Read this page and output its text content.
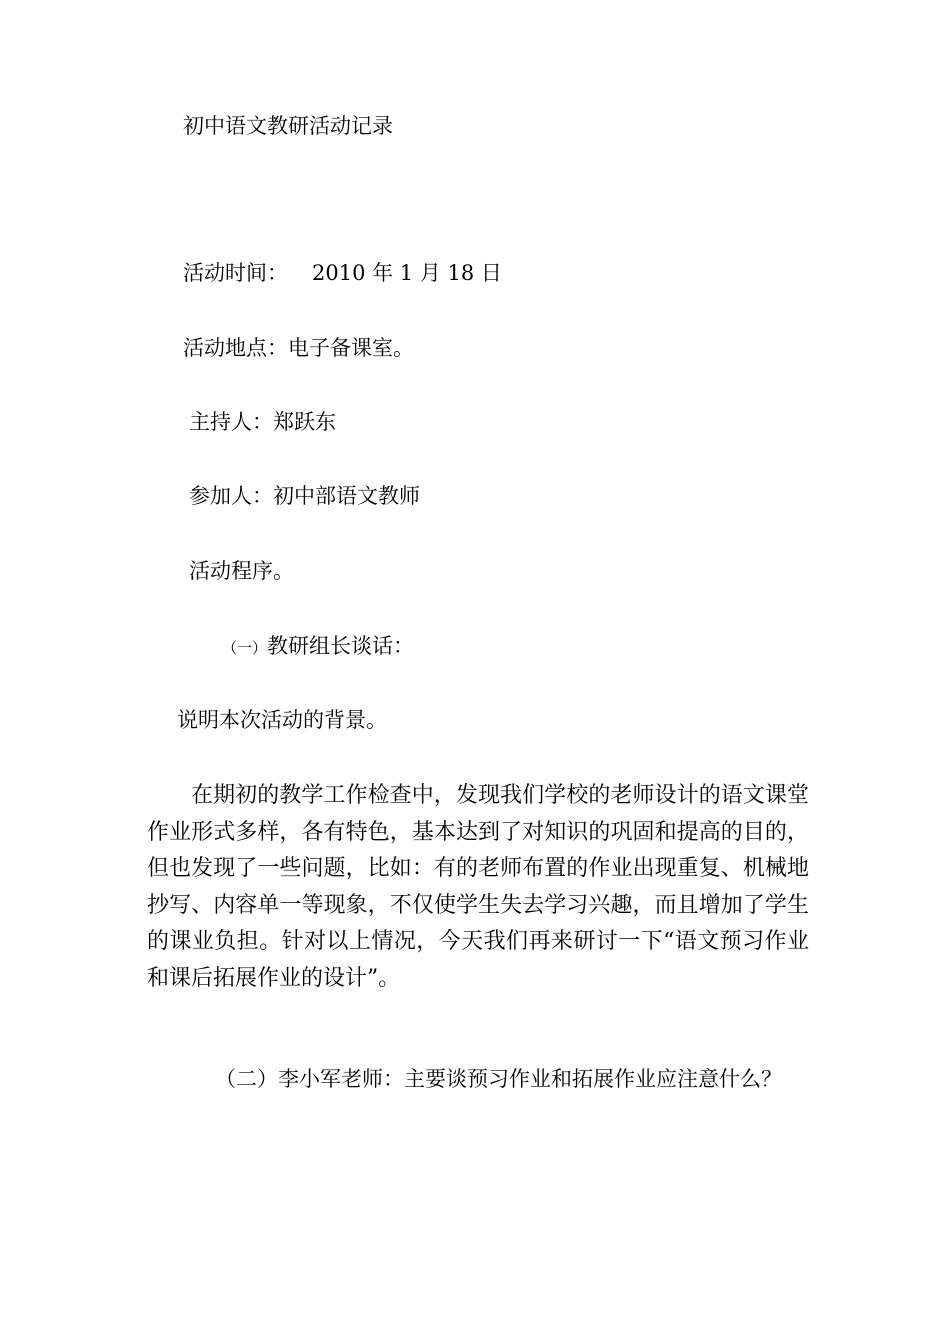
初中语文教研活动记录
活动时间： 2010 年 1 月 18 日
活动地点：电子备课室。
主持人：郑跃东
参加人：初中部语文教师
活动程序。
（一）教研组长谈话：
说明本次活动的背景。
在期初的教学工作检查中，发现我们学校的老师设计的语文课堂作业形式多样，各有特色，基本达到了对知识的巩固和提高的目的，但也发现了一些问题，比如：有的老师布置的作业出现重复、机械地抄写、内容单一等现象，不仅使学生失去学习兴趣，而且增加了学生的课业负担。针对以上情况，今天我们再来研讨一下“语文预习作业和课后拓展作业的设计”。
（二）李小军老师：主要谈预习作业和拓展作业应注意什么？
